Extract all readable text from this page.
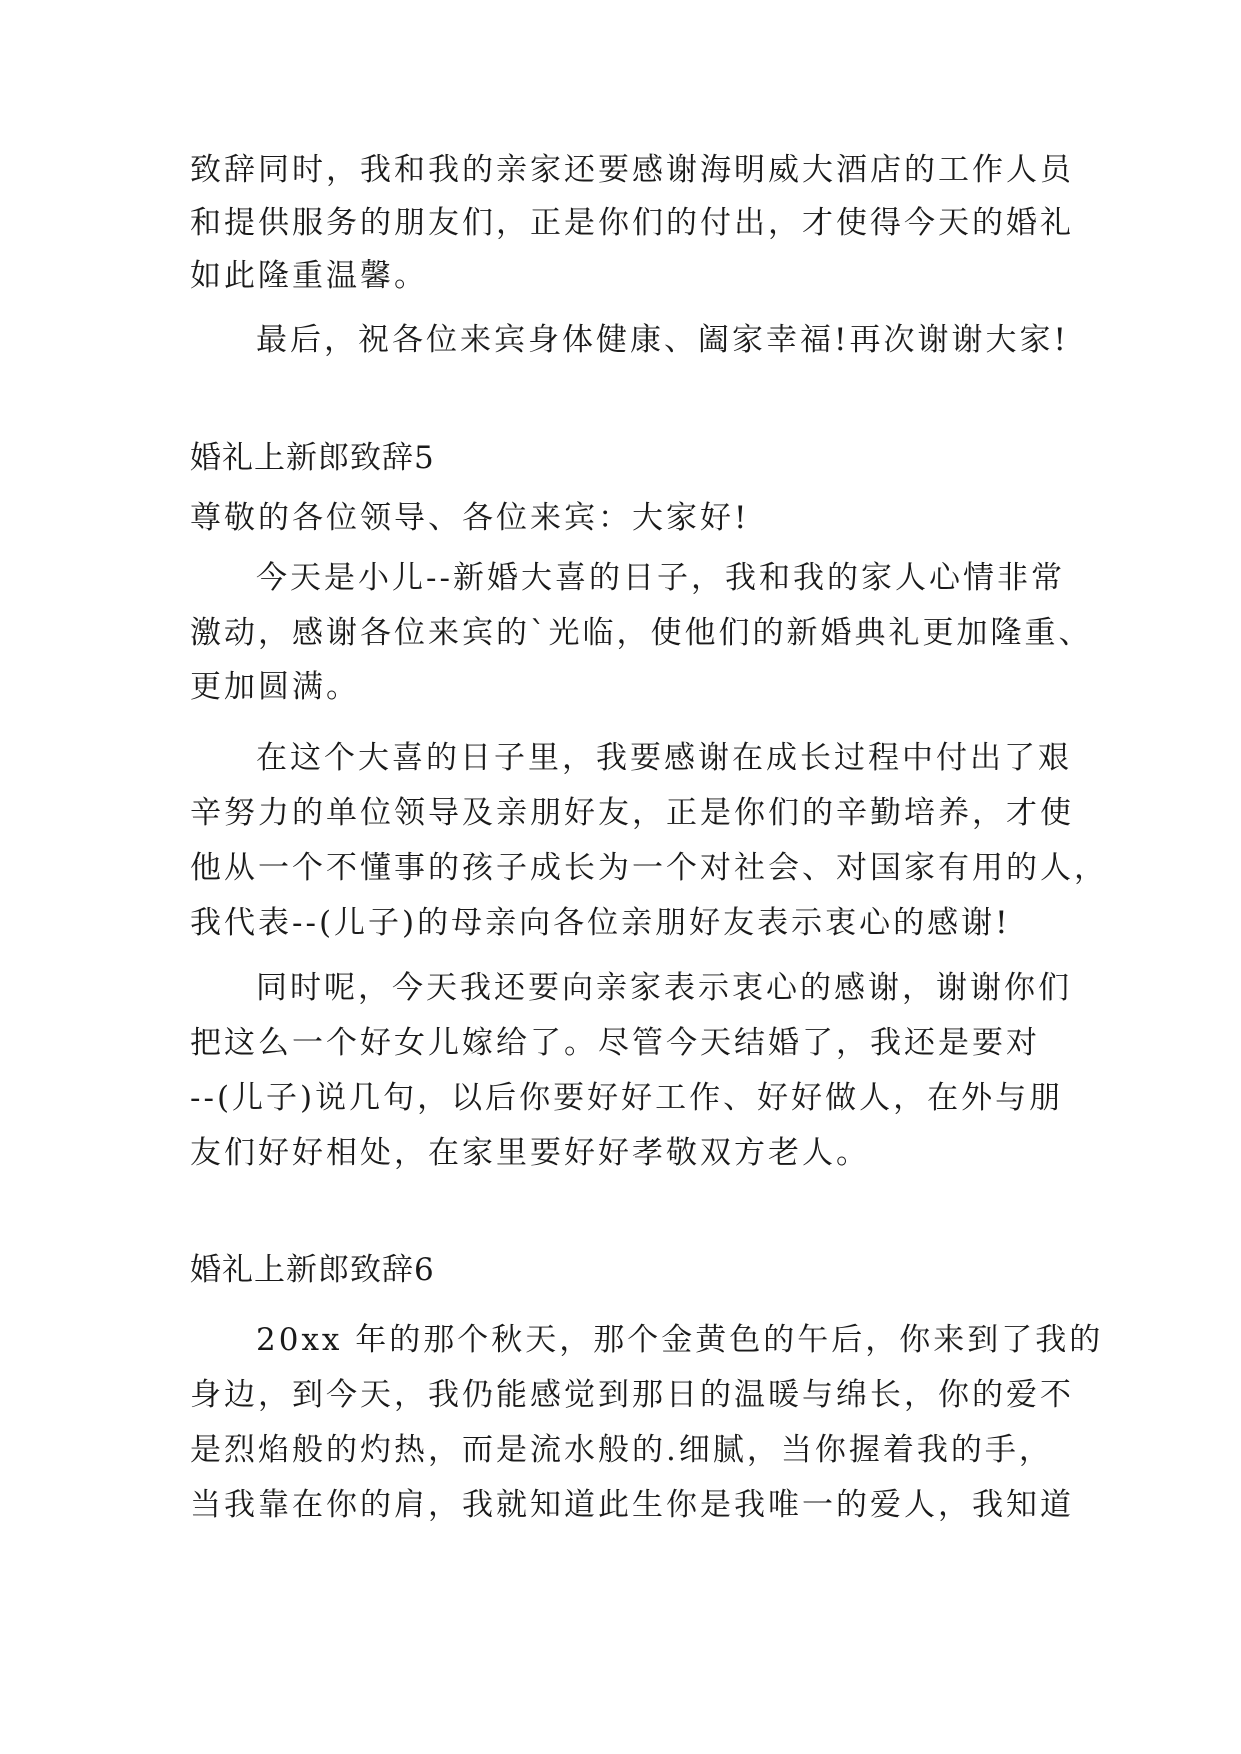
致辞同时，我和我的亲家还要感谢海明威大酒店的工作人员
和提供服务的朋友们，正是你们的付出，才使得今天的婚礼
如此隆重温馨。
最后，祝各位来宾身体健康、阖家幸福!再次谢谢大家!
婚礼上新郎致辞5
尊敬的各位领导、各位来宾：大家好!
今天是小儿--新婚大喜的日子，我和我的家人心情非常
激动，感谢各位来宾的`光临，使他们的新婚典礼更加隆重、
更加圆满。
在这个大喜的日子里，我要感谢在成长过程中付出了艰
辛努力的单位领导及亲朋好友，正是你们的辛勤培养，才使
他从一个不懂事的孩子成长为一个对社会、对国家有用的人，
我代表--(儿子)的母亲向各位亲朋好友表示衷心的感谢!
同时呢，今天我还要向亲家表示衷心的感谢，谢谢你们
把这么一个好女儿嫁给了。尽管今天结婚了，我还是要对
--(儿子)说几句，以后你要好好工作、好好做人，在外与朋
友们好好相处，在家里要好好孝敬双方老人。
婚礼上新郎致辞6
20xx 年的那个秋天，那个金黄色的午后，你来到了我的
身边，到今天，我仍能感觉到那日的温暖与绵长，你的爱不
是烈焰般的灼热，而是流水般的.细腻，当你握着我的手，
当我靠在你的肩，我就知道此生你是我唯一的爱人，我知道
